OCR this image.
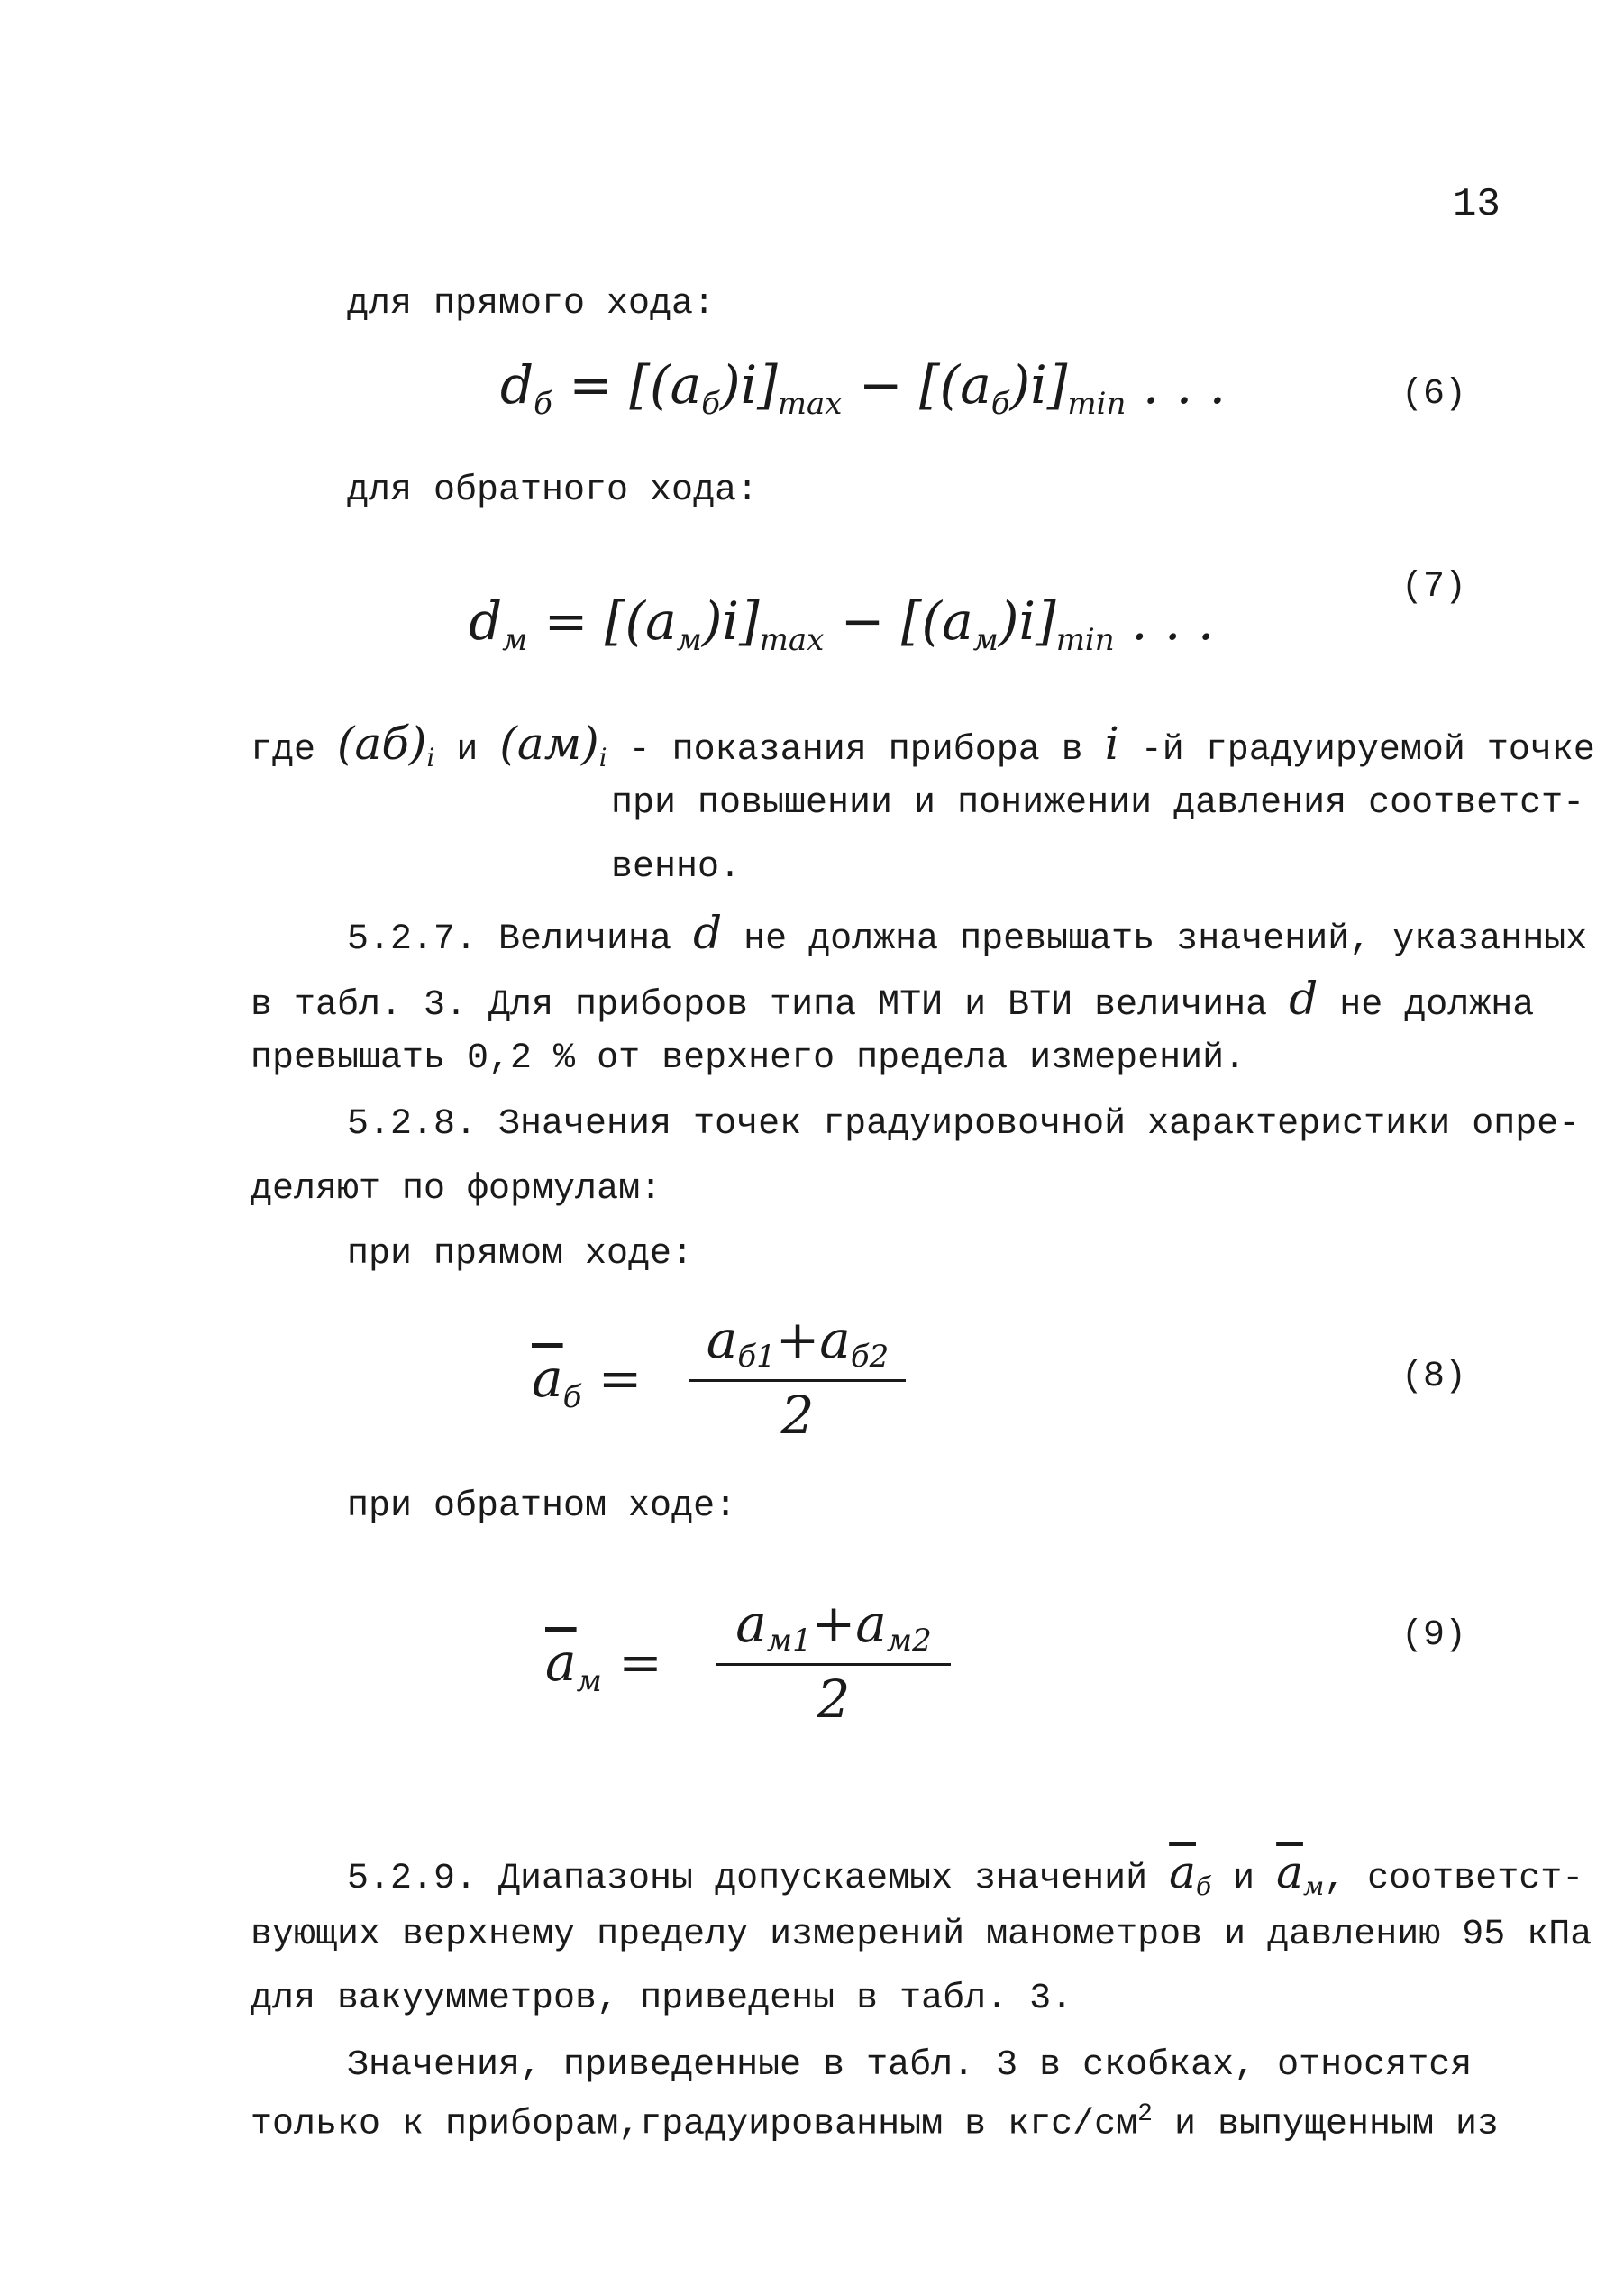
13
для прямого хода:
$d_б = [(a_б)i]_{max} - [(a_б)i]_{min}$ . . .	(6)
для обратного хода:
(7)
$d_м = [(a_м)i]_{max} - [(a_м)i]_{min}$ . . .
где $(aб)_i$ и $(aм)_i$ - показания прибора в i -й градуируемой точке
при повышении и понижении давления соответст-
венно.
5.2.7. Величина d не должна превышать значений, указанных
в табл. 3. Для приборов типа МТИ и ВТИ величина d не должна
превышать 0,2 % от верхнего предела измерений.
5.2.8. Значения точек градуировочной характеристики опре-
деляют по формулам:
при прямом ходе:
$\overline{a}_б$ =
$a_{б1}+a_{б2}$
2
(8)
при обратном ходе:
$\overline{a}_м$ =
$a_{м1}+a_{м2}$
2
(9)
5.2.9. Диапазоны допускаемых значений $\overline{a}_б$ и $\overline{a}_м$, соответст-
вующих верхнему пределу измерений манометров и давлению 95 кПа
для вакуумметров, приведены в табл. 3.
Значения, приведенные в табл. 3 в скобках, относятся
только к приборам,градуированным в кгс/$см^2$ и выпущенным из
